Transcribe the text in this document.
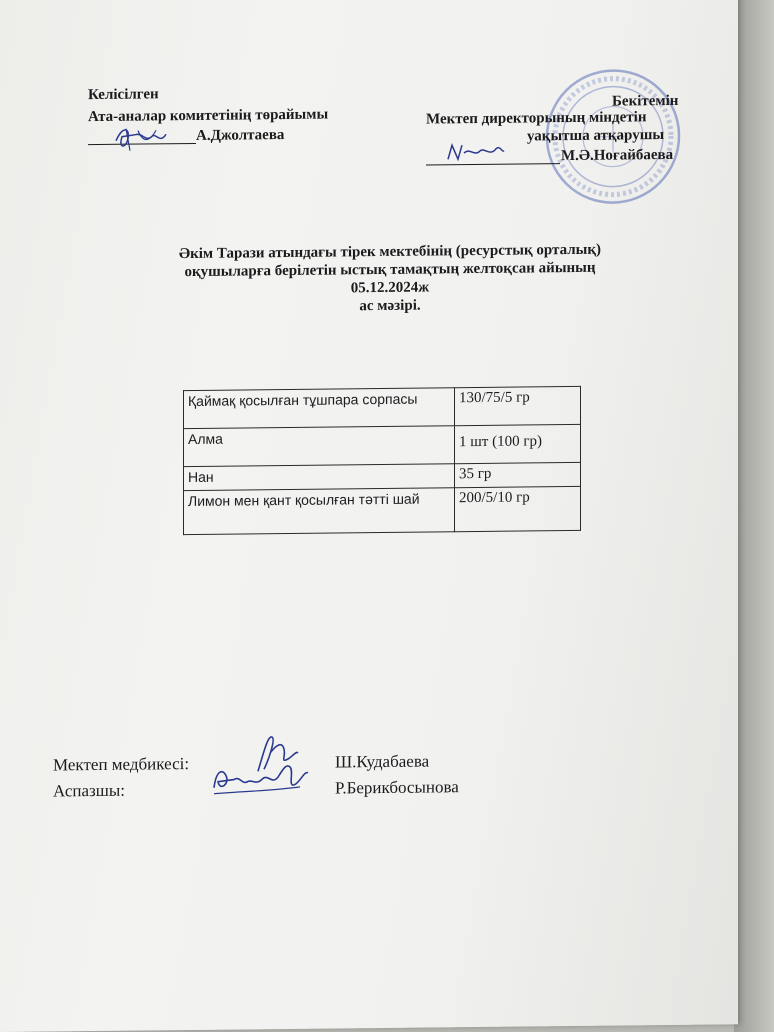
Келісілген
Ата-аналар комитетінің төрайымы
А.Джолтаева
Бекітемін
Мектеп директорының міндетін
уақытша атқарушы
М.Ә.Ноғайбаева
Әкім Тарази атындағы тірек мектебінің (ресурстық орталық)
оқушыларға берілетін ыстық тамақтың желтоқсан айының
05.12.2024ж
ас мәзірі.
Қаймақ қосылған тұшпара сорпасы	130/75/5 гр
Алма	1 шт (100 гр)
Нан	35 гр
Лимон мен қант қосылған тәтті шай	200/5/10 гр
Мектеп медбикесі:	Ш.Кудабаева
Аспазшы:	Р.Берикбосынова
